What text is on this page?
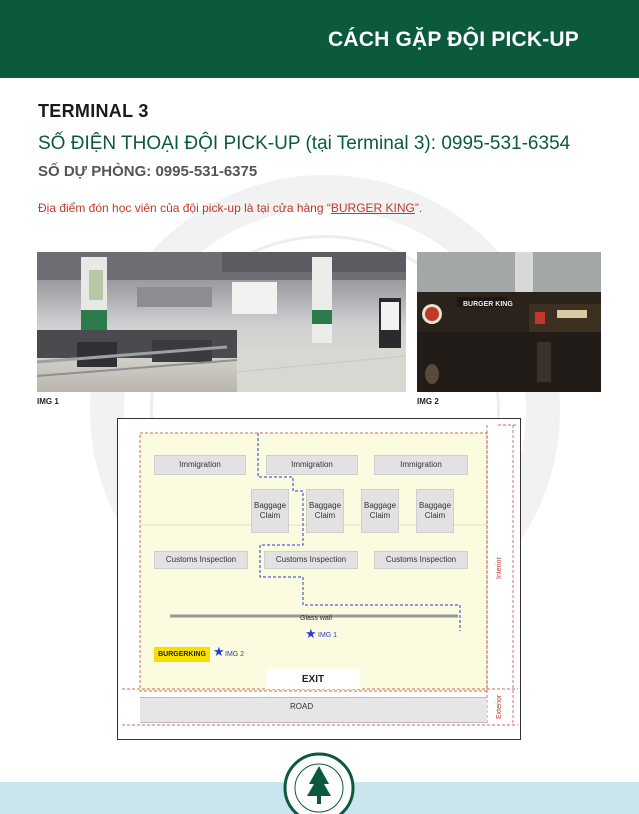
CÁCH GẶP ĐỘI PICK-UP
TERMINAL 3
SỐ ĐIỆN THOẠI ĐỘI PICK-UP (tại Terminal 3): 0995-531-6354
SỐ DỰ PHÒNG: 0995-531-6375
Địa điểm đón học viên của đội pick-up là tại cửa hàng “BURGER KING”.
BURGER KING
IMG 1	IMG 2
Immigration	Immigration	Immigration
Baggage Claim
Baggage Claim
Baggage Claim
Baggage Claim
Customs Inspection	Customs Inspection	Customs Inspection
Glass wall
★ IMG 1
BURGERKING ★ IMG 2
EXIT
ROAD
Interior
Exterior
